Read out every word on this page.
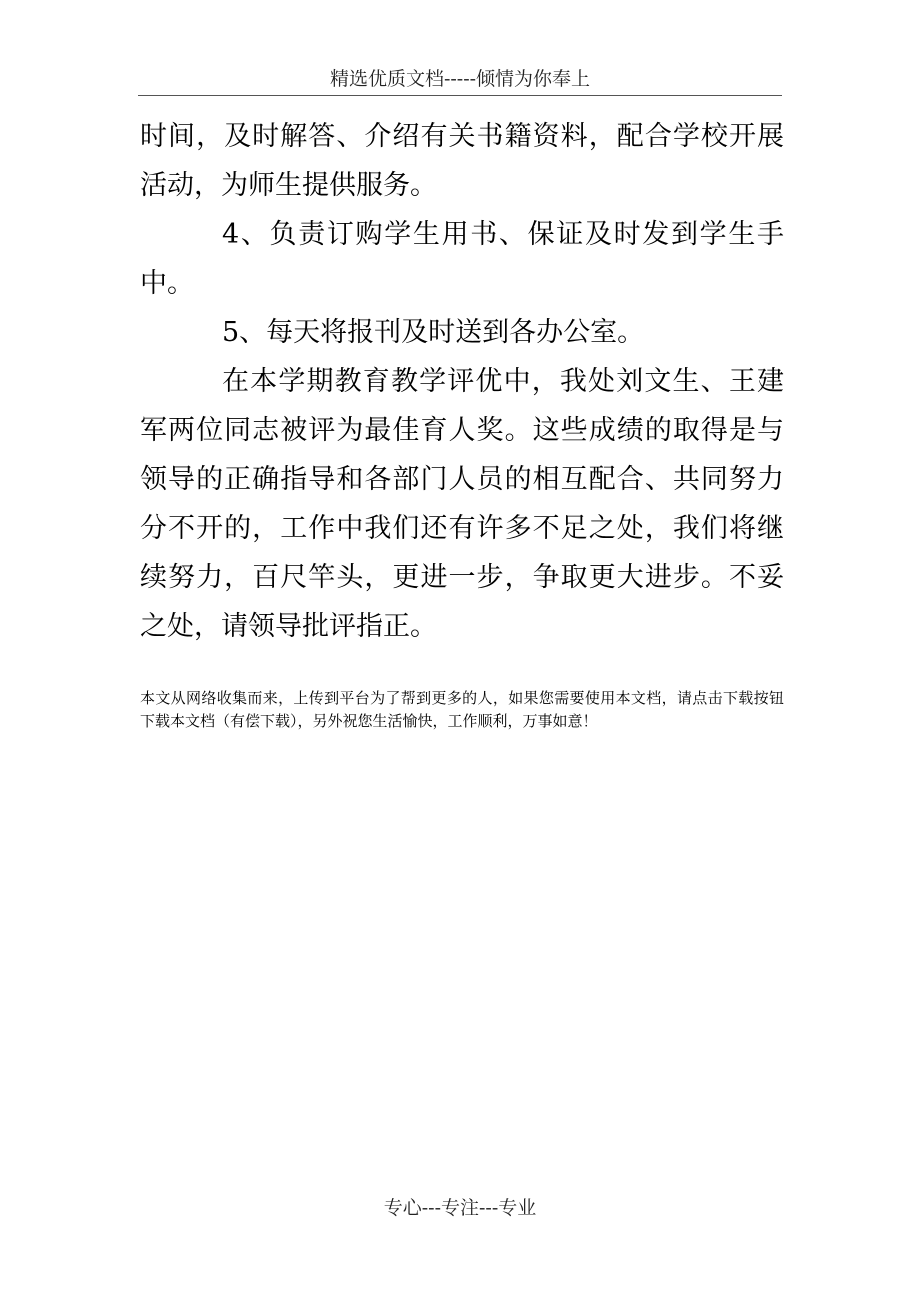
精选优质文档-----倾情为你奉上

时间，及时解答、介绍有关书籍资料，配合学校开展活动，为师生提供服务。

4、负责订购学生用书、保证及时发到学生手中。

5、每天将报刊及时送到各办公室。

在本学期教育教学评优中，我处刘文生、王建军两位同志被评为最佳育人奖。这些成绩的取得是与领导的正确指导和各部门人员的相互配合、共同努力分不开的，工作中我们还有许多不足之处，我们将继续努力，百尺竿头，更进一步，争取更大进步。不妥之处，请领导批评指正。

本文从网络收集而来，上传到平台为了帮到更多的人，如果您需要使用本文档，请点击下载按钮下载本文档（有偿下载），另外祝您生活愉快，工作顺利，万事如意！
专心---专注---专业
